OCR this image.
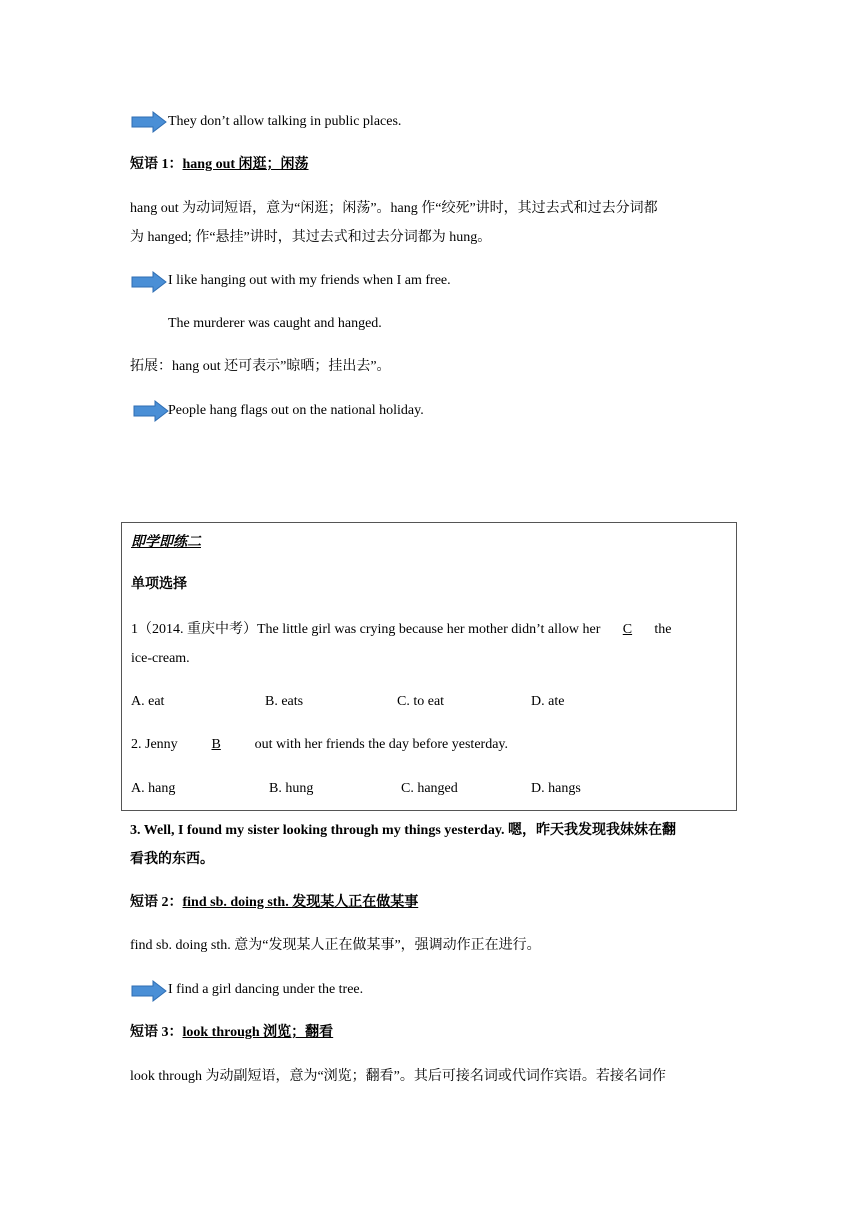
They don’t allow talking in public places.
短语 1：hang out 闲逛；闲荡
hang out 为动词短语，意为“闲逛；闲荡”。hang 作“绞死”讲时，其过去式和过去分词都
为 hanged; 作“悬挂”讲时，其过去式和过去分词都为 hung。
I like hanging out with my friends when I am free.
The murderer was caught and hanged.
拓展：hang out 还可表示”晾晒；挂出去”。
People hang flags out on the national holiday.
即学即练二
单项选择
1（2014. 重庆中考）The little girl was crying because her mother didn’t allow her C the
ice-cream.
A. eat	B. eats	C. to eat	D. ate
2. Jenny B out with her friends the day before yesterday.
A. hang	B. hung	C. hanged	D. hangs
3. Well, I found my sister looking through my things yesterday. 嗯，昨天我发现我妹妹在翻
看我的东西。
短语 2：find sb. doing sth. 发现某人正在做某事
find sb. doing sth. 意为“发现某人正在做某事”，强调动作正在进行。
I find a girl dancing under the tree.
短语 3：look through 浏览；翻看
look through 为动副短语，意为“浏览；翻看”。其后可接名词或代词作宾语。若接名词作
